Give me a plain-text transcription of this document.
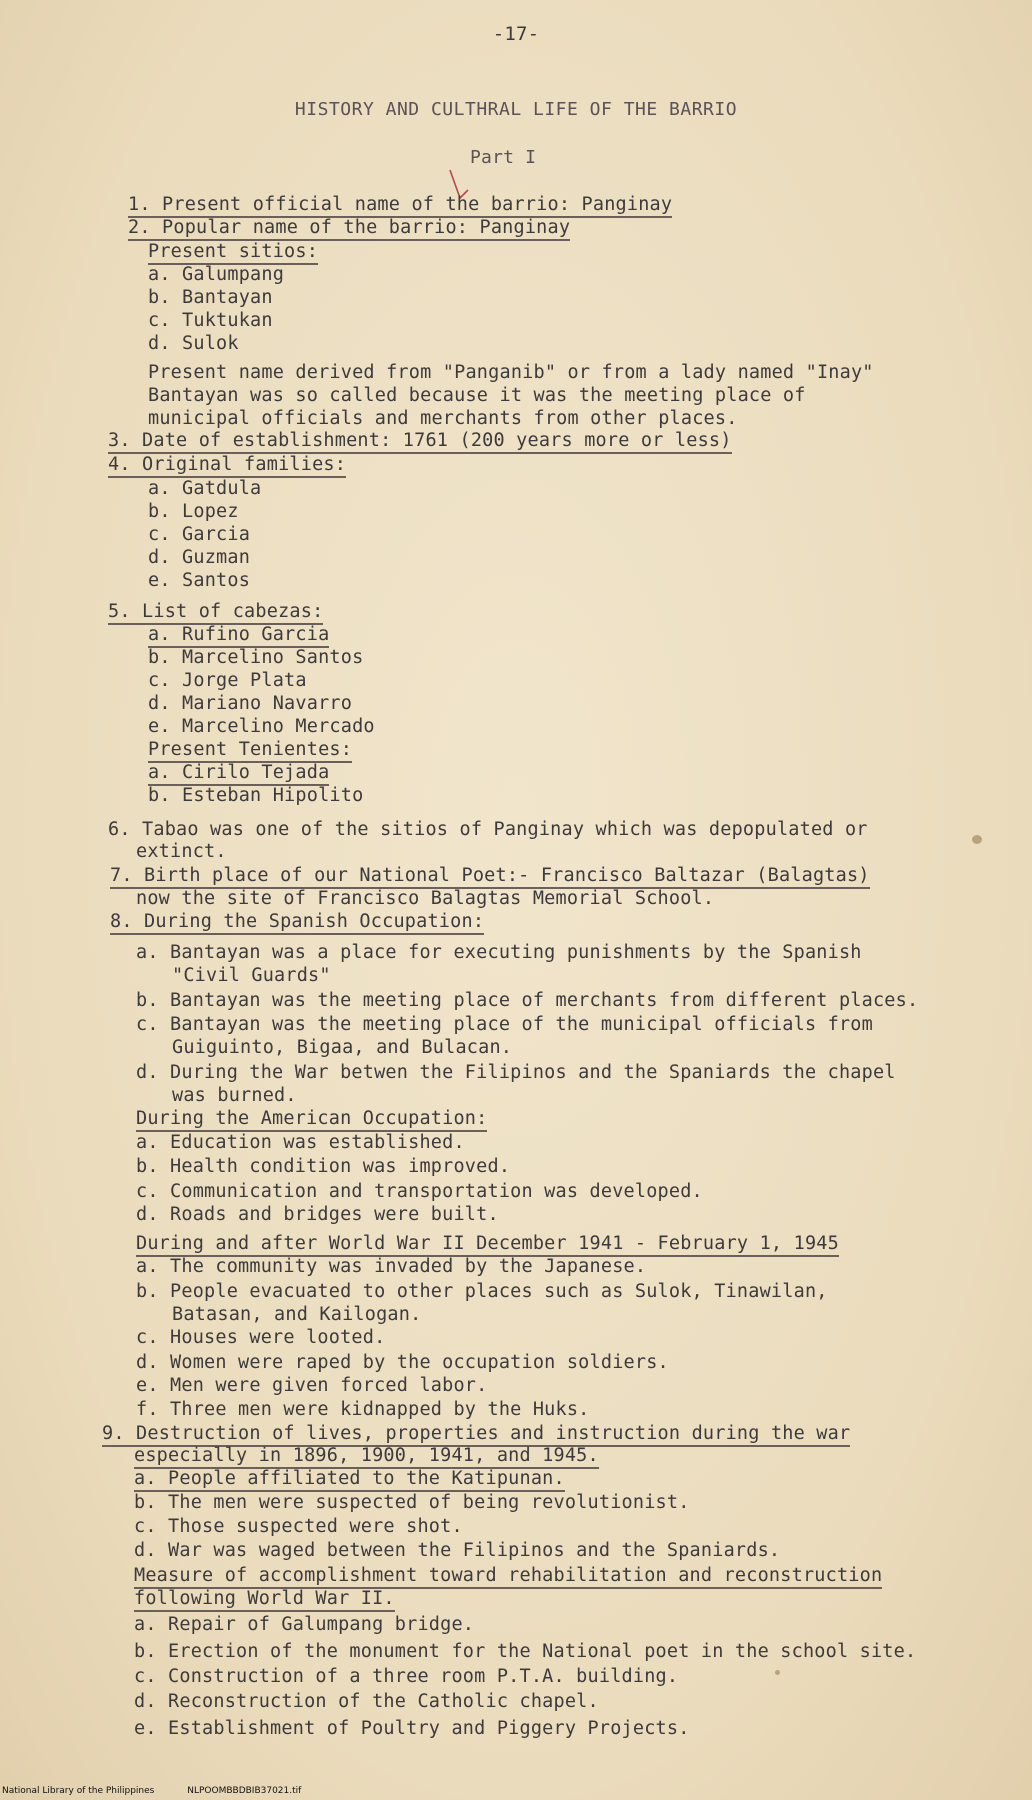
-17-
HISTORY AND CULTHRAL LIFE OF THE BARRIO
Part I
1. Present official name of the barrio: Panginay
2. Popular name of the barrio: Panginay
Present sitios:
a. Galumpang
b. Bantayan
c. Tuktukan
d. Sulok
Present name derived from "Panganib" or from a lady named "Inay"
Bantayan was so called because it was the meeting place of
municipal officials and merchants from other places.
3. Date of establishment: 1761 (200 years more or less)
4. Original families:
a. Gatdula
b. Lopez
c. Garcia
d. Guzman
e. Santos
5. List of cabezas:
a. Rufino Garcia
b. Marcelino Santos
c. Jorge Plata
d. Mariano Navarro
e. Marcelino Mercado
Present Tenientes:
a. Cirilo Tejada
b. Esteban Hipolito
6. Tabao was one of the sitios of Panginay which was depopulated or
extinct.
7. Birth place of our National Poet:- Francisco Baltazar (Balagtas)
now the site of Francisco Balagtas Memorial School.
8. During the Spanish Occupation:
a. Bantayan was a place for executing punishments by the Spanish
"Civil Guards"
b. Bantayan was the meeting place of merchants from different places.
c. Bantayan was the meeting place of the municipal officials from
Guiguinto, Bigaa, and Bulacan.
d. During the War betwen the Filipinos and the Spaniards the chapel
was burned.
During the American Occupation:
a. Education was established.
b. Health condition was improved.
c. Communication and transportation was developed.
d. Roads and bridges were built.
During and after World War II December 1941 - February 1, 1945
a. The community was invaded by the Japanese.
b. People evacuated to other places such as Sulok, Tinawilan,
Batasan, and Kailogan.
c. Houses were looted.
d. Women were raped by the occupation soldiers.
e. Men were given forced labor.
f. Three men were kidnapped by the Huks.
9. Destruction of lives, properties and instruction during the war
especially in 1896, 1900, 1941, and 1945.
a. People affiliated to the Katipunan.
b. The men were suspected of being revolutionist.
c. Those suspected were shot.
d. War was waged between the Filipinos and the Spaniards.
Measure of accomplishment toward rehabilitation and reconstruction
following World War II.
a. Repair of Galumpang bridge.
b. Erection of the monument for the National poet in the school site.
c. Construction of a three room P.T.A. building.
d. Reconstruction of the Catholic chapel.
e. Establishment of Poultry and Piggery Projects.
National Library of the Philippines	NLPOOMBBDBIB37021.tif
